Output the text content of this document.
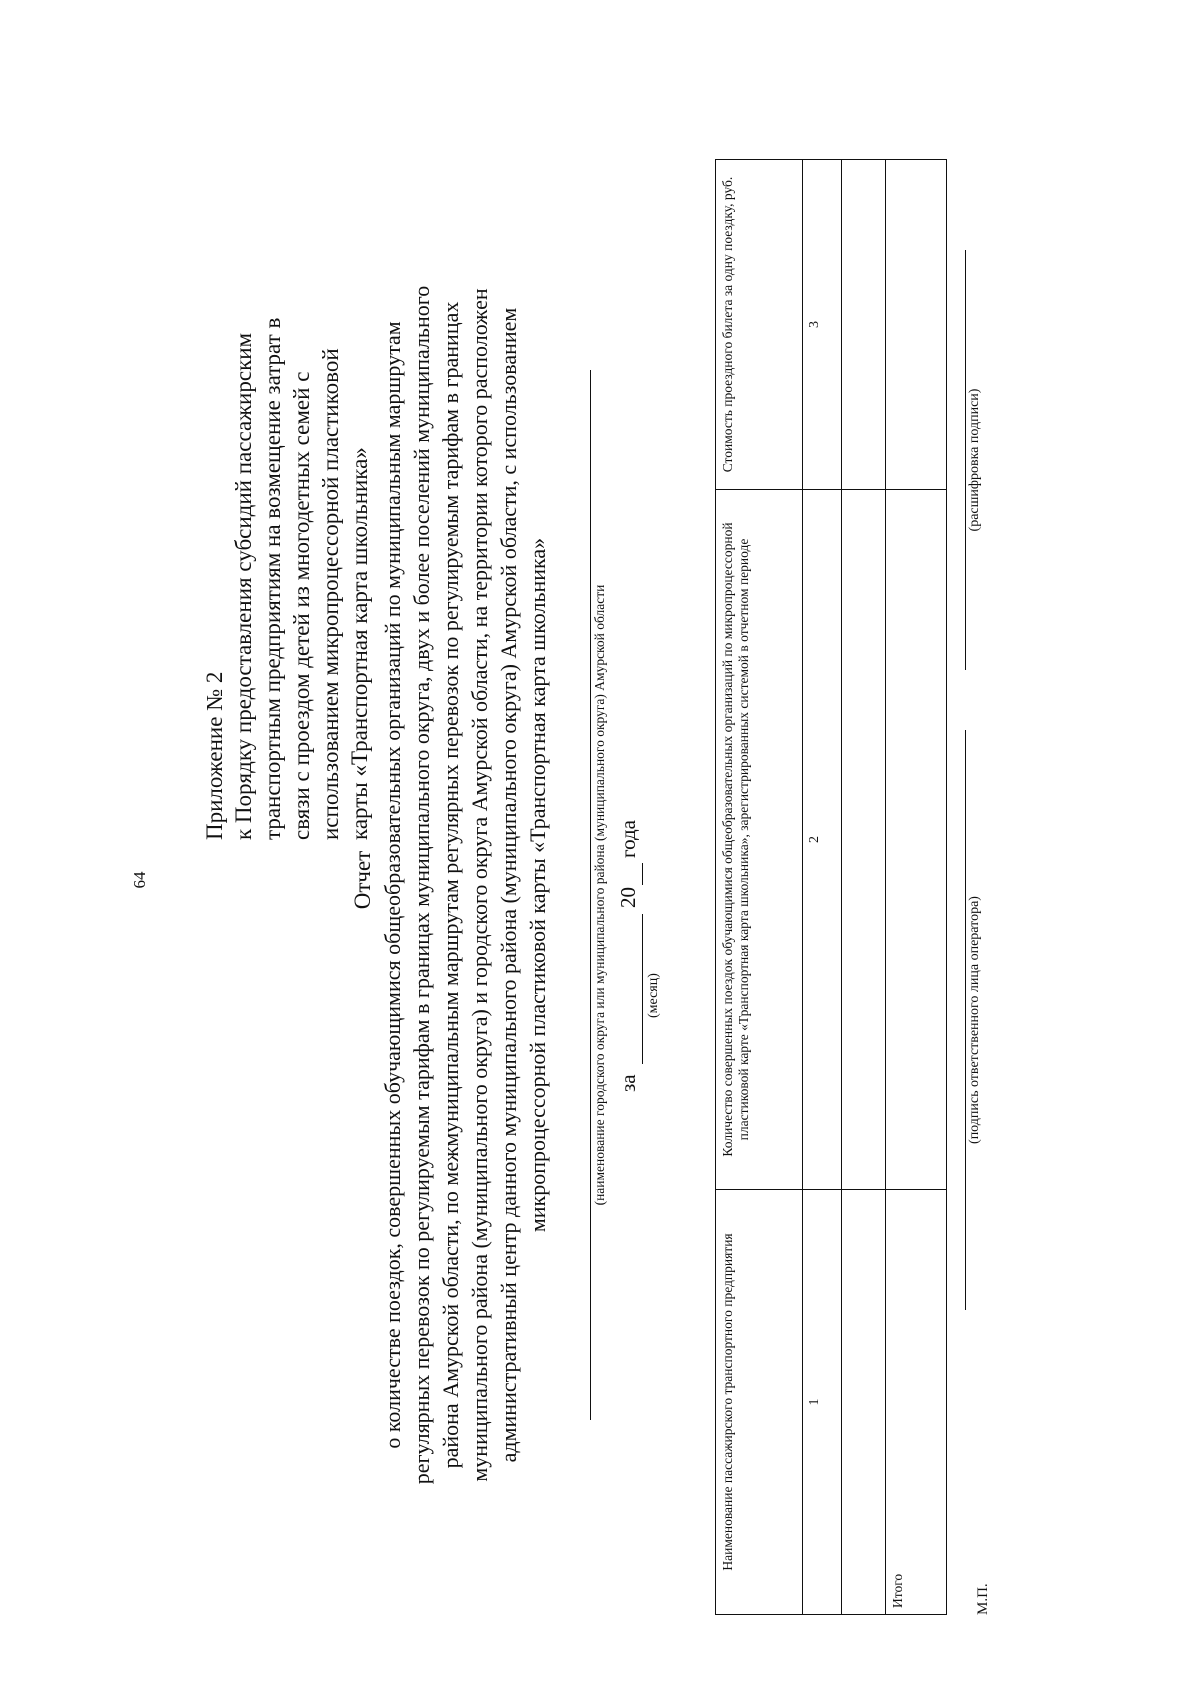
64
Приложение № 2 к Порядку предоставления субсидий пассажирским транспортным предприятиям на возмещение затрат в связи с проездом детей из многодетных семей с использованием микропроцессорной пластиковой карты «Транспортная карта школьника»
Отчет о количестве поездок, совершенных обучающимися общеобразовательных организаций по муниципальным маршрутам регулярных перевозок по регулируемым тарифам в границах муниципального округа, двух и более поселений муниципального района Амурской области, по межмуниципальным маршрутам регулярных перевозок по регулируемым тарифам в границах муниципального района (муниципального округа) и городского округа Амурской области, на территории которого расположен административный центр данного муниципального района (муниципального округа) Амурской области, с использованием микропроцессорной пластиковой карты «Транспортная карта школьника»	(наименование городского округа или муниципального района (муниципального округа) Амурской области за
(месяц)
20
года
Наименование пассажирского транспортного предприятия	Количество совершенных поездок обучающимися общеобразовательных организаций по микропроцессорной пластиковой карте «Транспортная карта школьника», зарегистрированных системой в отчетном периоде	Стоимость проездного билета за одну поездку, руб.
1	2	3

Итого		
(подпись ответственного лица оператора)
(расшифровка подписи)
М.П.
